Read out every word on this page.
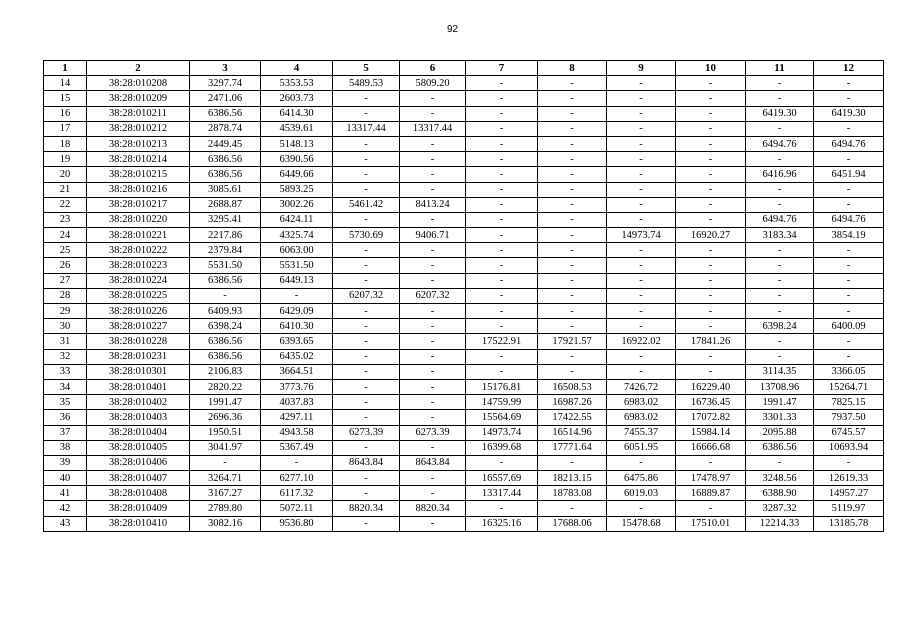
92
1	2	3	4	5	6	7	8	9	10	11	12
14	38:28:010208	3297.74	5353.53	5489.53	5809.20	-	-	-	-	-	-
15	38:28:010209	2471.06	2603.73	-	-	-	-	-	-	-	-
16	38:28:010211	6386.56	6414.30	-	-	-	-	-	-	6419.30	6419.30
17	38:28:010212	2878.74	4539.61	13317.44	13317.44	-	-	-	-	-	-
18	38:28:010213	2449.45	5148.13	-	-	-	-	-	-	6494.76	6494.76
19	38:28:010214	6386.56	6390.56	-	-	-	-	-	-	-	-
20	38:28:010215	6386.56	6449.66	-	-	-	-	-	-	6416.96	6451.94
21	38:28:010216	3085.61	5893.25	-	-	-	-	-	-	-	-
22	38:28:010217	2688.87	3002.26	5461.42	8413.24	-	-	-	-	-	-
23	38:28:010220	3295.41	6424.11	-	-	-	-	-	-	6494.76	6494.76
24	38:28:010221	2217.86	4325.74	5730.69	9406.71	-	-	14973.74	16920.27	3183.34	3854.19
25	38:28:010222	2379.84	6063.00	-	-	-	-	-	-	-	-
26	38:28:010223	5531.50	5531.50	-	-	-	-	-	-	-	-
27	38:28:010224	6386.56	6449.13	-	-	-	-	-	-	-	-
28	38:28:010225	-	-	6207.32	6207.32	-	-	-	-	-	-
29	38:28:010226	6409.93	6429.09	-	-	-	-	-	-	-	-
30	38:28:010227	6398.24	6410.30	-	-	-	-	-	-	6398.24	6400.09
31	38:28:010228	6386.56	6393.65	-	-	17522.91	17921.57	16922.02	17841.26	-	-
32	38:28:010231	6386.56	6435.02	-	-	-	-	-	-	-	-
33	38:28:010301	2106.83	3664.51	-	-	-	-	-	-	3114.35	3366.05
34	38:28:010401	2820.22	3773.76	-	-	15176.81	16508.53	7426.72	16229.40	13708.96	15264.71
35	38:28:010402	1991.47	4037.83	-	-	14759.99	16987.26	6983.02	16736.45	1991.47	7825.15
36	38:28:010403	2696.36	4297.11	-	-	15564.69	17422.55	6983.02	17072.82	3301.33	7937.50
37	38:28:010404	1950.51	4943.58	6273.39	6273.39	14973.74	16514.96	7455.37	15984.14	2095.88	6745.57
38	38:28:010405	3041.97	5367.49	-	-	16399.68	17771.64	6051.95	16666.68	6386.56	10693.94
39	38:28:010406	-	-	8643.84	8643.84	-	-	-	-	-	-
40	38:28:010407	3264.71	6277.10	-	-	16557.69	18213.15	6475.86	17478.97	3248.56	12619.33
41	38:28:010408	3167.27	6117.32	-	-	13317.44	18783.08	6019.03	16889.87	6388.90	14957.27
42	38:28:010409	2789.80	5072.11	8820.34	8820.34	-	-	-	-	3287.32	5119.97
43	38:28:010410	3082.16	9536.80	-	-	16325.16	17688.06	15478.68	17510.01	12214.33	13185.78
